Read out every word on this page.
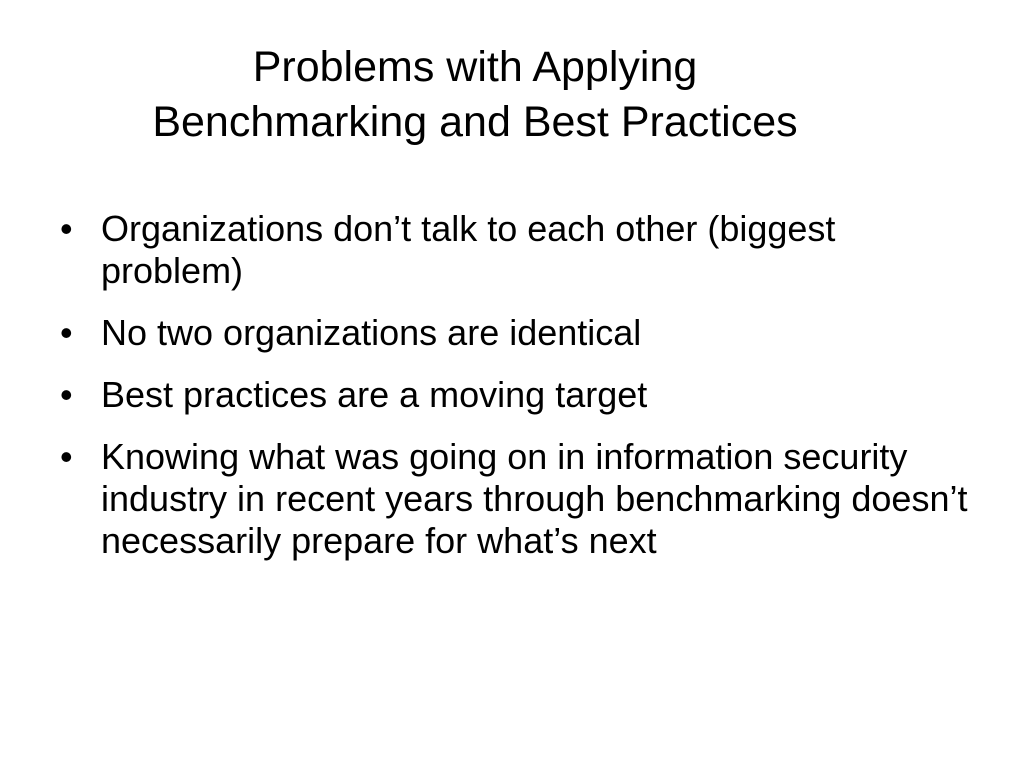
Problems with Applying
Benchmarking and Best Practices
• Organizations don’t talk to each other (biggest problem)
• No two organizations are identical
• Best practices are a moving target
• Knowing what was going on in information security industry in recent years through benchmarking doesn’t necessarily prepare for what’s next
